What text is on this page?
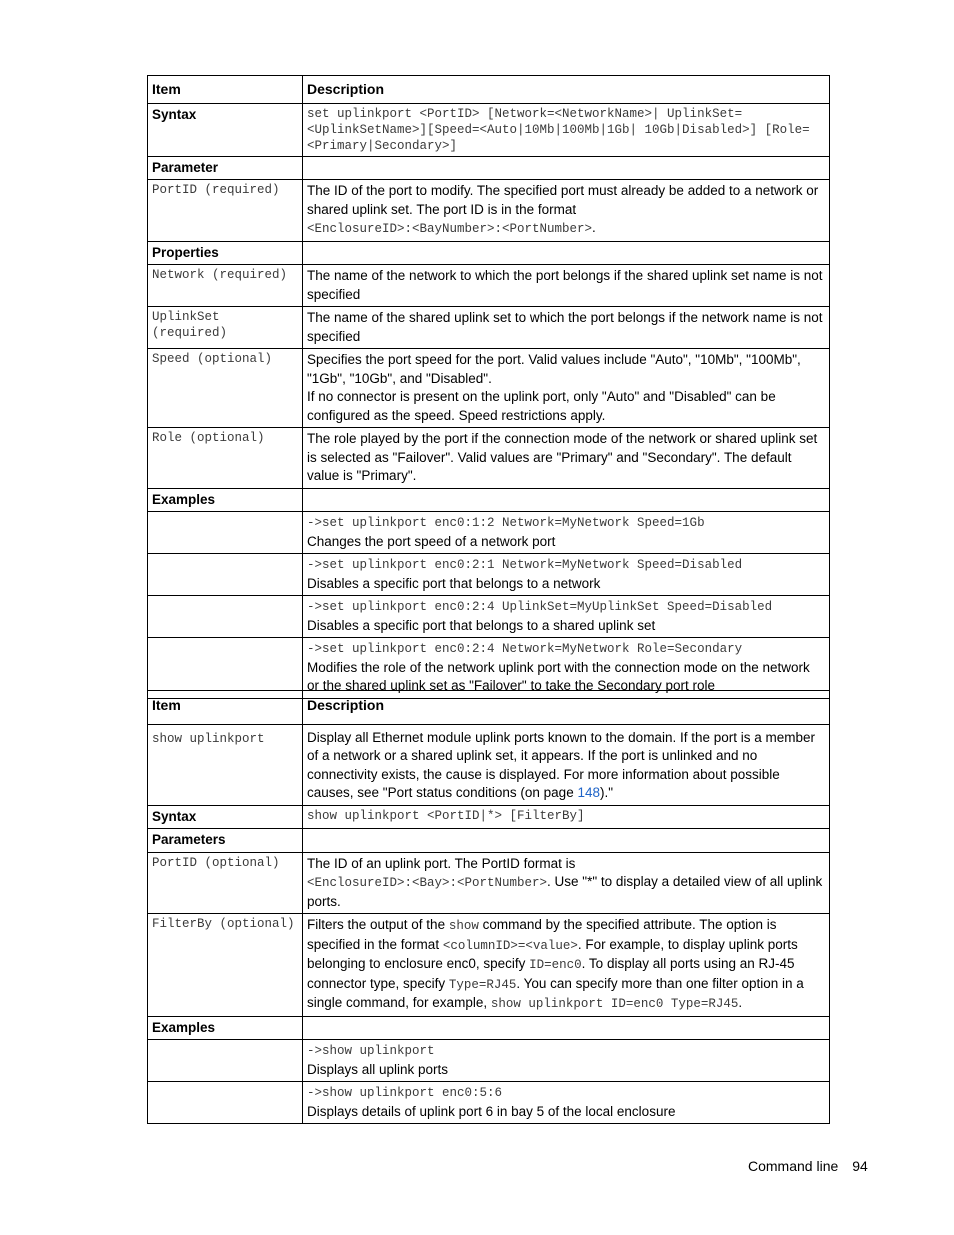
Item	Description
Syntax	set uplinkport <PortID> [Network=<NetworkName>| UplinkSet=<UplinkSetName>][Speed=<Auto|10Mb|100Mb|1Gb| 10Gb|Disabled>] [Role=<Primary|Secondary>]
Parameter	
PortID (required)	The ID of the port to modify. The specified port must already be added to a network or shared uplink set. The port ID is in the format
<EnclosureID>:<BayNumber>:<PortNumber>.

Properties	
Network (required)	The name of the network to which the port belongs if the shared uplink set name is not specified
UplinkSet (required)	The name of the shared uplink set to which the port belongs if the network name is not specified
Speed (optional)	Specifies the port speed for the port. Valid values include "Auto", "10Mb", "100Mb", "1Gb", "10Gb", and "Disabled".
If no connector is present on the uplink port, only "Auto" and "Disabled" can be configured as the speed. Speed restrictions apply.

Role (optional)	The role played by the port if the connection mode of the network or shared uplink set is selected as "Failover". Valid values are "Primary" and "Secondary". The default value is "Primary".
Examples	

	->set uplinkport enc0:1:2 Network=MyNetwork Speed=1Gb
Changes the port speed of a network port

	->set uplinkport enc0:2:1 Network=MyNetwork Speed=Disabled
Disables a specific port that belongs to a network

	->set uplinkport enc0:2:4 UplinkSet=MyUplinkSet Speed=Disabled
Disables a specific port that belongs to a shared uplink set

	->set uplinkport enc0:2:4 Network=MyNetwork Role=Secondary
Modifies the role of the network uplink port with the connection mode on the network or the shared uplink set as "Failover" to take the Secondary port role
Item	Description
show uplinkport	Display all Ethernet module uplink ports known to the domain. If the port is a member of a network or a shared uplink set, it appears. If the port is unlinked and no connectivity exists, the cause is displayed. For more information about possible causes, see "Port status conditions (on page 148)."
Syntax	show uplinkport <PortID|*> [FilterBy]
Parameters	
PortID (optional)	The ID of an uplink port. The PortID format is
<EnclosureID>:<Bay>:<PortNumber>. Use "*" to display a detailed view of all uplink ports.
FilterBy (optional)	Filters the output of the show command by the specified attribute. The option is specified in the format <columnID>=<value>. For example, to display uplink ports belonging to enclosure enc0, specify ID=enc0. To display all ports using an RJ-45 connector type, specify Type=RJ45. You can specify more than one filter option in a single command, for example, show uplinkport ID=enc0 Type=RJ45.
Examples	

	->show uplinkport
Displays all uplink ports

	->show uplinkport enc0:5:6
Displays details of uplink port 6 in bay 5 of the local enclosure
Command line 94
